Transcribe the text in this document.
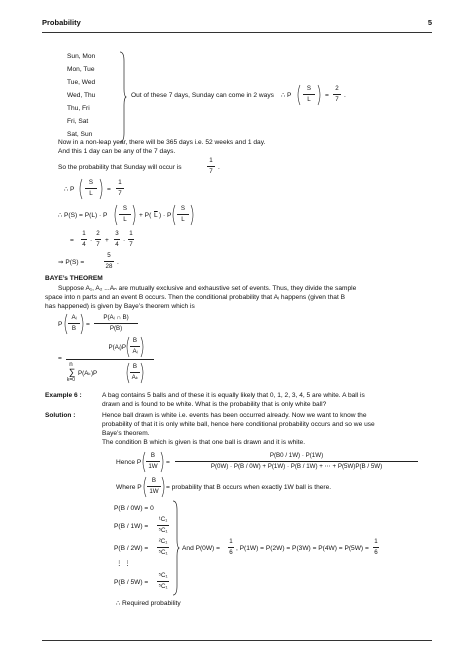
Probability	5
Sun, Mon
Mon, Tue
Tue, Wed
Wed, Thu
Thu, Fri
Fri, Sat
Sat, Sun
Out of these 7 days, Sunday can come in 2 ways ∴ P
S
L
=
2
7
.
Now in a non-leap year, there will be 365 days i.e. 52 weeks and 1 day.
And this 1 day can be any of the 7 days.
So the probability that Sunday will occur is
1
7
.
∴ P
S
L
=
1
7
∴ P(S) = P(L) · P
S
L
+ P( $\overline{L}$ ) · P
S
L
=
1
4
·
2
7
+
3
4
·
1
7
⇒ P(S) =
5
28
.
BAYE’s THEOREM
Suppose A₁, A₂ ...Aₙ are mutually exclusive and exhaustive set of events. Thus, they divide the sample
space into n parts and an event B occurs. Then the conditional probability that Aᵢ happens (given that B
has happened) is given by Baye’s theorem which is
P
Aᵢ
B
=
P(Aᵢ ∩ B)
P(B)
=
P(Aᵢ)P
B
Aᵢ
n
∑
k=0
P(Aₖ)P
B
Aₖ
Example 6 :	A bag contains 5 balls and of these it is equally likely that 0, 1, 2, 3, 4, 5 are white. A ball is
drawn and is found to be white. What is the probability that is only white ball?
Solution :	Hence ball drawn is white i.e. events has been occurred already. Now we want to know the
probability of that it is only white ball, hence here conditional probability occurs and so we use
Baye’s theorem.
The condition B which is given is that one ball is drawn and it is white.
Hence P
B
1W
=
P(B0 / 1W) · P(1W)
P(0W) · P(B / 0W) + P(1W) · P(B / 1W) + ⋯ + P(5W)P(B / 5W)
Where P
B
1W
= probability that B occurs when exactly 1W ball is there.
P(B / 0W) = 0
P(B / 1W) =
¹C₁
⁵C₁
P(B / 2W) =
²C₁
⁵C₁
⋮ ⋮
P(B / 5W) =
⁵C₁
⁵C₁
And P(0W) =
1
6
, P(1W) = P(2W) = P(3W) = P(4W) = P(5W) =
1
6
∴ Required probability
